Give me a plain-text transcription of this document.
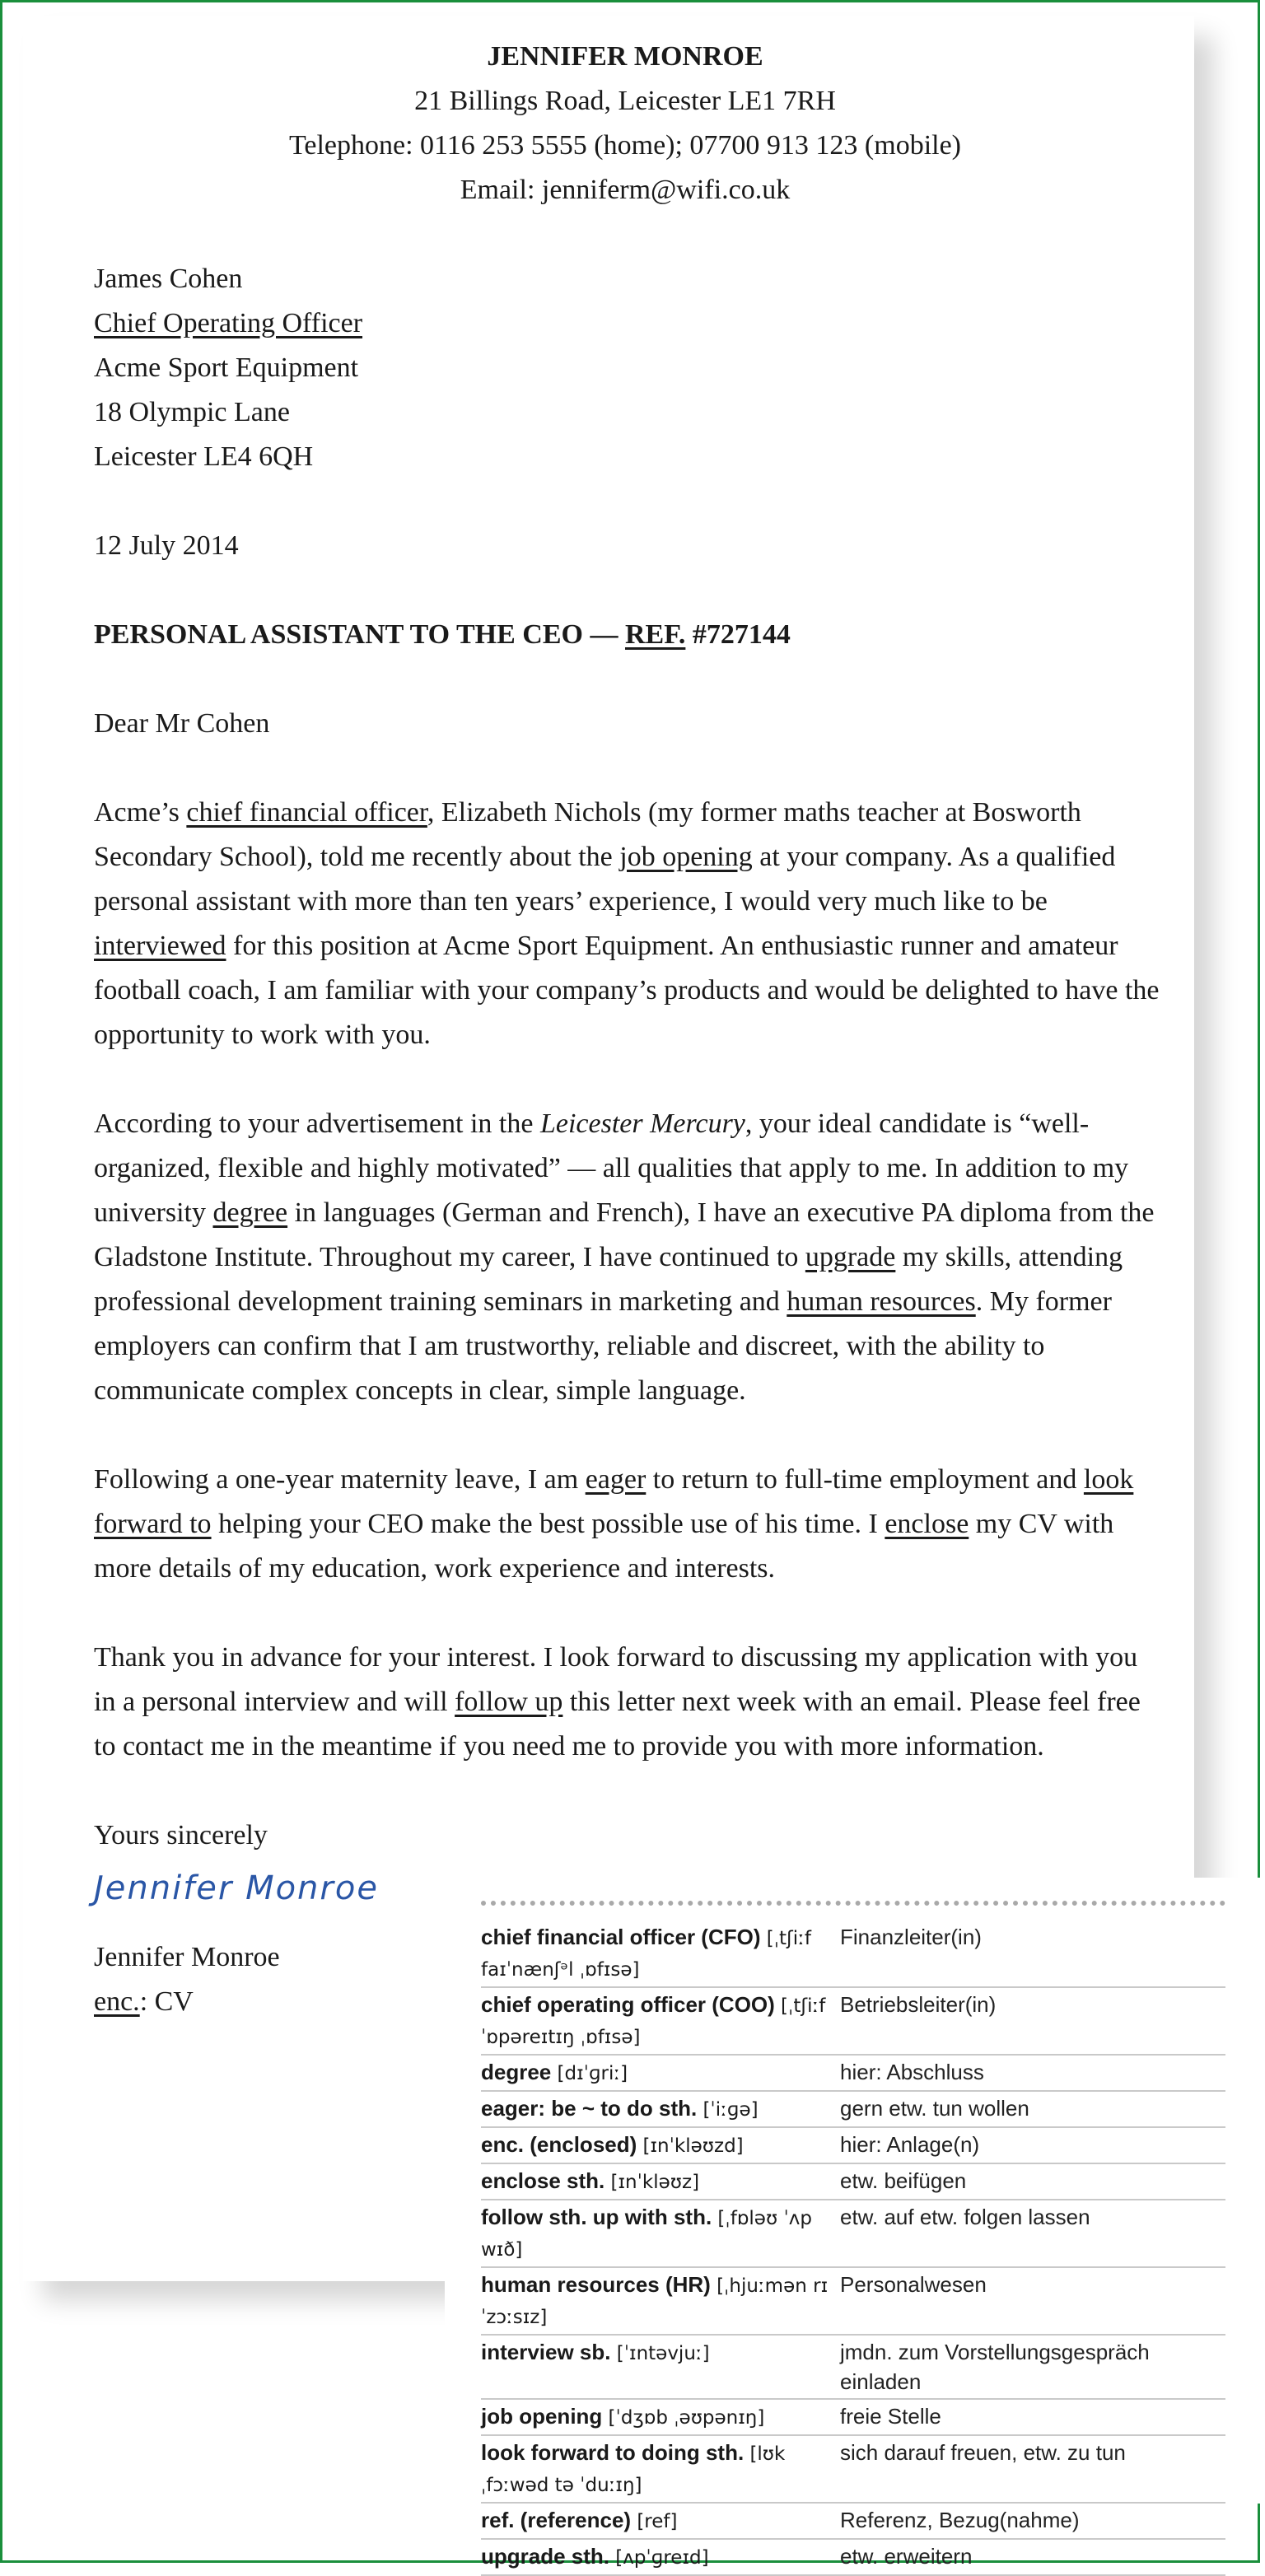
JENNIFER MONROE
21 Billings Road, Leicester LE1 7RH
Telephone: 0116 253 5555 (home); 07700 913 123 (mobile)
Email: jenniferm@wifi.co.uk
James Cohen
Chief Operating Officer
Acme Sport Equipment
18 Olympic Lane
Leicester LE4 6QH
12 July 2014
PERSONAL ASSISTANT TO THE CEO — REF. #727144
Dear Mr Cohen

Acme’s chief financial officer, Elizabeth Nichols (my former maths teacher at Bosworth Secondary School), told me recently about the job opening at your company. As a qualified personal assistant with more than ten years’ experience, I would very much like to be interviewed for this position at Acme Sport Equipment. An enthusiastic runner and amateur football coach, I am familiar with your company’s products and would be delighted to have the opportunity to work with you.

According to your advertisement in the Leicester Mercury, your ideal candidate is “well-organized, flexible and highly motivated” — all qualities that apply to me. In addition to my university degree in languages (German and French), I have an executive PA diploma from the Gladstone Institute. Throughout my career, I have continued to upgrade my skills, attending professional development training seminars in marketing and human resources. My former employers can confirm that I am trustworthy, reliable and discreet, with the ability to communicate complex concepts in clear, simple language.

Following a one-year maternity leave, I am eager to return to full-time employment and look forward to helping your CEO make the best possible use of his time. I enclose my CV with more details of my education, work experience and interests.

Thank you in advance for your interest. I look forward to discussing my application with you in a personal interview and will follow up this letter next week with an email. Please feel free to contact me in the meantime if you need me to provide you with more information.

Yours sincerely
Jennifer Monroe
Jennifer Monroe
enc.: CV
chief financial officer (CFO) [ˌtʃiːf faɪˈnænʃᵊl ˌɒfɪsə]	Finanzleiter(in)
chief operating officer (COO) [ˌtʃiːf ˈɒpəreɪtɪŋ ˌɒfɪsə]	Betriebsleiter(in)
degree [dɪˈɡriː]	hier: Abschluss
eager: be ~ to do sth. [ˈiːɡə]	gern etw. tun wollen
enc. (enclosed) [ɪnˈkləʊzd]	hier: Anlage(n)
enclose sth. [ɪnˈkləʊz]	etw. beifügen
follow sth. up with sth. [ˌfɒləʊ ˈʌp wɪð]	etw. auf etw. folgen lassen
human resources (HR) [ˌhjuːmən rɪˈzɔːsɪz]	Personalwesen
interview sb. [ˈɪntəvjuː]	jmdn. zum Vorstellungsgespräch einladen
job opening [ˈdʒɒb ˌəʊpənɪŋ]	freie Stelle
look forward to doing sth. [lʊk ˌfɔːwəd tə ˈduːɪŋ]	sich darauf freuen, etw. zu tun
ref. (reference) [ref]	Referenz, Bezug(nahme)
upgrade sth. [ʌpˈɡreɪd]	etw. erweitern
